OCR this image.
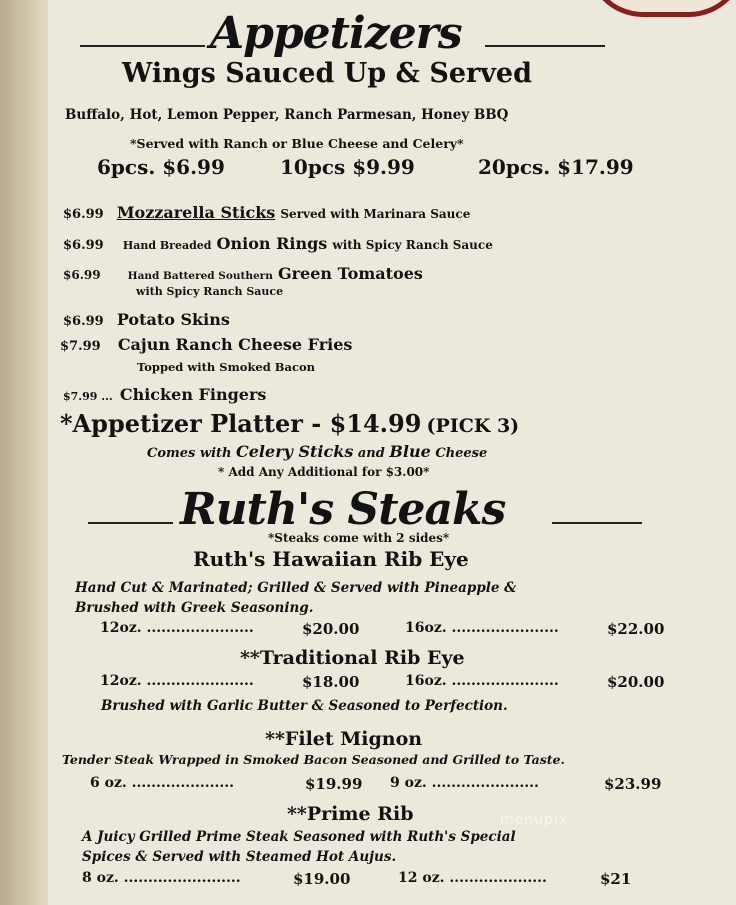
Appetizers
Wings Sauced Up & Served
Buffalo, Hot, Lemon Pepper, Ranch Parmesan, Honey BBQ
*Served with Ranch or Blue Cheese and Celery*
6pcs. $6.99	10pcs $9.99	20pcs. $17.99
$6.99 Mozzarella Sticks Served with Marinara Sauce
$6.99 Hand Breaded Onion Rings with Spicy Ranch Sauce
$6.99	Hand Battered Southern Green Tomatoes
with Spicy Ranch Sauce
$6.99 Potato Skins
$7.99 Cajun Ranch Cheese Fries
Topped with Smoked Bacon
$7.99 ... Chicken Fingers
*Appetizer Platter - $14.99 (PICK 3)
Comes with Celery Sticks and Blue Cheese
* Add Any Additional for $3.00*
Ruth's Steaks
*Steaks come with 2 sides*
Ruth's Hawaiian Rib Eye
Hand Cut & Marinated; Grilled & Served with Pineapple &
Brushed with Greek Seasoning.
12oz. ......................	$20.00	16oz. ......................	$22.00
**Traditional Rib Eye
12oz. ......................	$18.00	16oz. ......................	$20.00
Brushed with Garlic Butter & Seasoned to Perfection.
**Filet Mignon
Tender Steak Wrapped in Smoked Bacon Seasoned and Grilled to Taste.
6 oz. .....................	$19.99 9 oz. ......................	$23.99
**Prime Rib
A Juicy Grilled Prime Steak Seasoned with Ruth's Special
Spices & Served with Steamed Hot Aujus.
8 oz. ........................	$19.00	12 oz. ....................	$21
menupix
